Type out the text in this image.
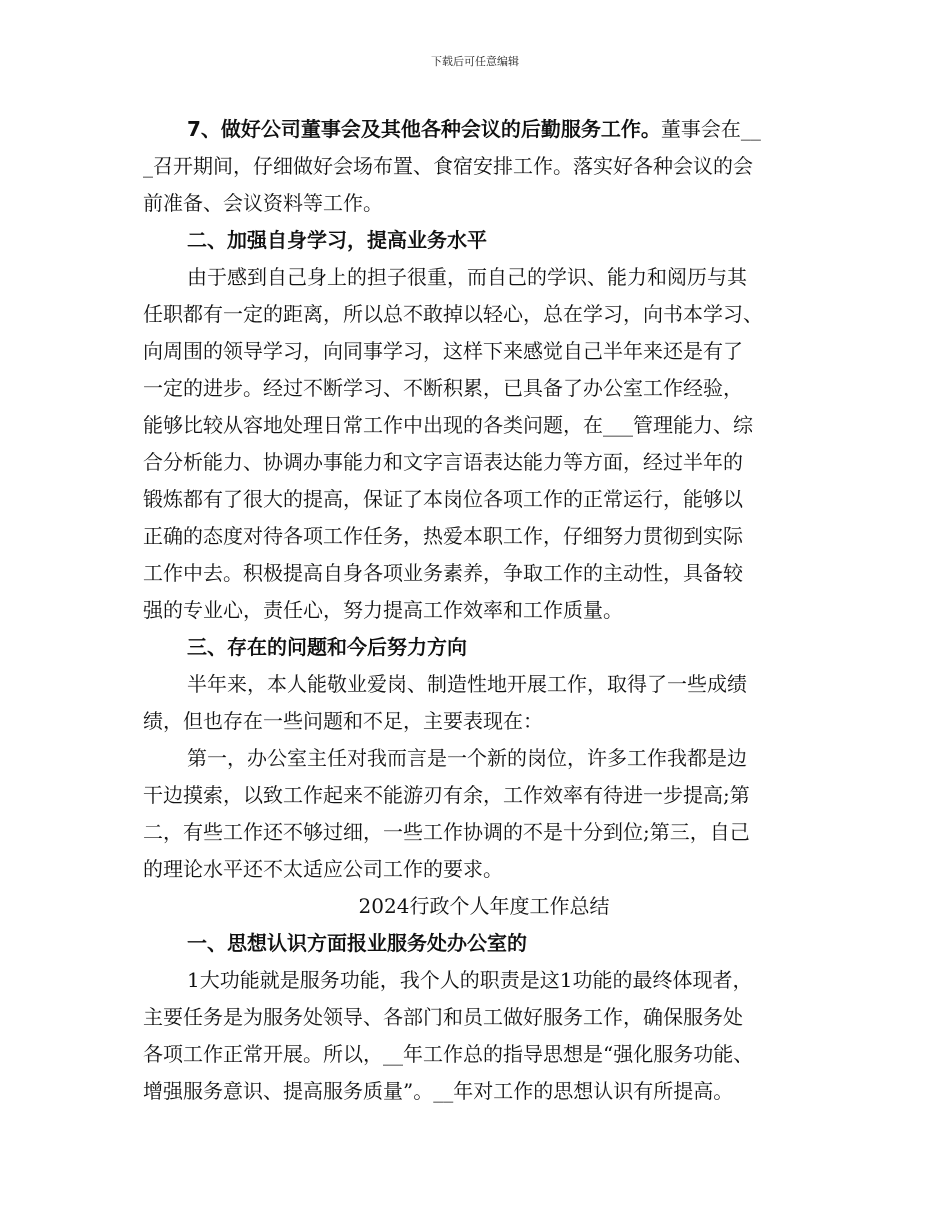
下载后可任意编辑
7、做好公司董事会及其他各种会议的后勤服务工作。董事会在__
_召开期间，仔细做好会场布置、食宿安排工作。落实好各种会议的会
前准备、会议资料等工作。
二、加强自身学习，提高业务水平
由于感到自己身上的担子很重，而自己的学识、能力和阅历与其
任职都有一定的距离，所以总不敢掉以轻心，总在学习，向书本学习、
向周围的领导学习，向同事学习，这样下来感觉自己半年来还是有了
一定的进步。经过不断学习、不断积累，已具备了办公室工作经验，
能够比较从容地处理日常工作中出现的各类问题，在___管理能力、综
合分析能力、协调办事能力和文字言语表达能力等方面，经过半年的
锻炼都有了很大的提高，保证了本岗位各项工作的正常运行，能够以
正确的态度对待各项工作任务，热爱本职工作，仔细努力贯彻到实际
工作中去。积极提高自身各项业务素养，争取工作的主动性，具备较
强的专业心，责任心，努力提高工作效率和工作质量。
三、存在的问题和今后努力方向
半年来，本人能敬业爱岗、制造性地开展工作，取得了一些成绩
绩，但也存在一些问题和不足，主要表现在：
第一，办公室主任对我而言是一个新的岗位，许多工作我都是边
干边摸索，以致工作起来不能游刃有余，工作效率有待进一步提高;第
二，有些工作还不够过细，一些工作协调的不是十分到位;第三，自己
的理论水平还不太适应公司工作的要求。
2024行政个人年度工作总结
一、思想认识方面报业服务处办公室的
1大功能就是服务功能，我个人的职责是这1功能的最终体现者，
主要任务是为服务处领导、各部门和员工做好服务工作，确保服务处
各项工作正常开展。所以，__年工作总的指导思想是“强化服务功能、
增强服务意识、提高服务质量”。__年对工作的思想认识有所提高。
